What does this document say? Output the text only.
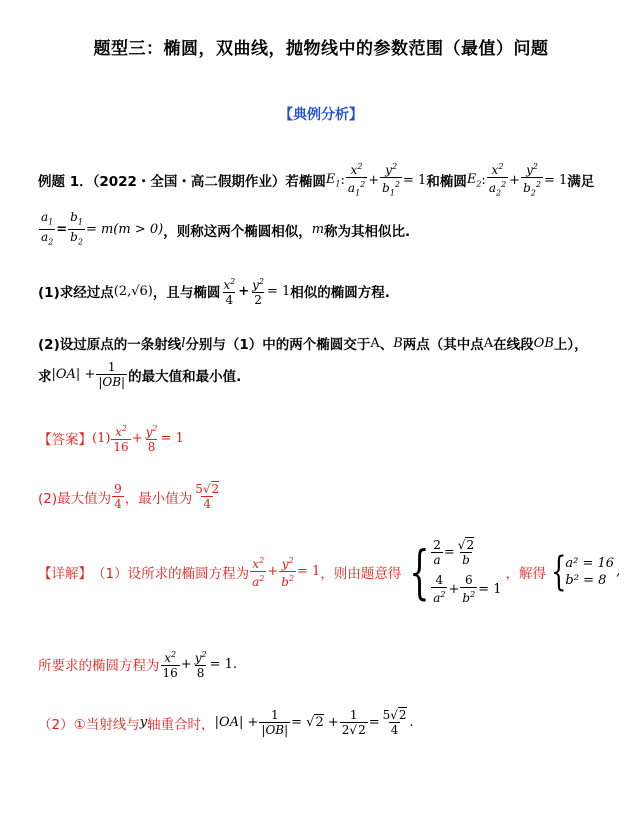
题型三：椭圆，双曲线，抛物线中的参数范围（最值）问题
【典例分析】
例题 1．（2022・全国・高二假期作业）若椭圆 $E_1$ : $\frac{x^2}{a_1^2} + \frac{y^2}{b_1^2} = 1$ 和椭圆 $E_2$ : $\frac{x^2}{a_2^2} + \frac{y^2}{b_2^2} = 1$ 满足
$\frac{a_1}{a_2} = \frac{b_1}{b_2} = m(m > 0)$ ，则称这两个椭圆相似， m 称为其相似比.
(1)求经过点 (2,√6) ，且与椭圆 $\frac{x^2}{4} + \frac{y^2}{2} = 1$ 相似的椭圆方程.
(2)设过原点的一条射线 l 分别与（1）中的两个椭圆交于 A 、 B 两点（其中点 A 在线段 OB 上），
求 $|OA| + \frac{1}{|OB|}$ 的最大值和最小值.
【答案】 $(1) \frac{x^2}{16} + \frac{y^2}{8} = 1$
(2)最大值为 $\frac{9}{4}$ ，最小值为 $\frac{5√2}{4}$
【详解】 （1）设所求的椭圆方程为 $\frac{x^2}{a^2} + \frac{y^2}{b^2} = 1$ ，则由题意得 { $\frac{2}{a} = \frac{√2}{b}$
$\frac{4}{a^2} + \frac{6}{b^2} = 1$
，解得 { a² = 16
b² = 8
,
所要求的椭圆方程为 $\frac{x^2}{16} + \frac{y^2}{8} = 1$.
（2）①当射线与 y 轴重合时， $|OA| + \frac{1}{|OB|} = √2 + \frac{1}{2√2} = \frac{5√2}{4}$ .
